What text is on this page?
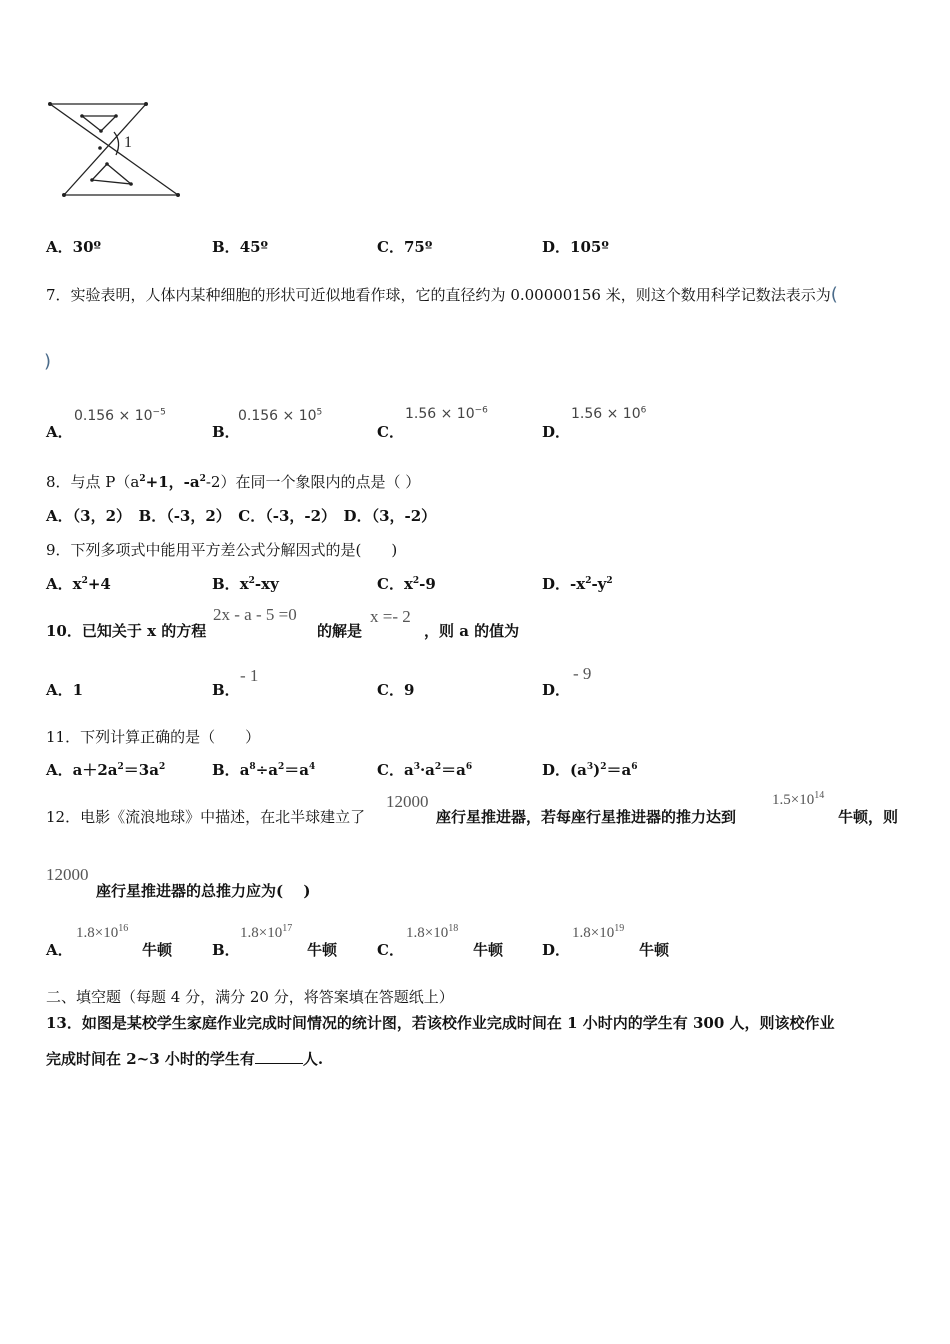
1
A．30º	B．45º	C．75º	D．105º
7．实验表明，人体内某种细胞的形状可近似地看作球，它的直径约为 0.00000156 米，则这个数用科学记数法表示为(
)
A．
$0.156 \times 10^{-5}$
B．
$0.156 \times 10^5$
C．
$1.56 \times 10^{-6}$
D．
$1.56 \times 10^6$
8．与点 $P(a^2+1$，$-a^2-2$）在同一个象限内的点是（ ）
A．（3，2）　B．（-3，2）　C．（-3，-2）　D．（3，-2）
9．下列多项式中能用平方差公式分解因式的是(　　)
A．$x^2+4$	B．$x^2-xy$	C．$x^2-9$	D．$-x^2-y^2$
10．已知关于 x 的方程
2x - a - 5 =0
的解是
x =- 2
，则 a 的值为
A．1	B．
- 1
C．9	D．
- 9
11．下列计算正确的是（　　）
A．$a+2a^2=3a^2$	B．$a^8\div a^2=a^4$	C．$a^3\cdot a^2=a^6$	D．$(a^3)^2=a^6$
12．电影《流浪地球》中描述，在北半球建立了
12000
座行星推进器，若每座行星推进器的推力达到
$1.5\times 10^{14}$
牛顿，则
12000
座行星推进器的总推力应为(　 )
A．
$1.8\times 10^{16}$
牛顿	B．
$1.8\times 10^{17}$
牛顿	C．
$1.8\times 10^{18}$
牛顿	D．
$1.8\times 10^{19}$
牛顿
二、填空题（每题 4 分，满分 20 分，将答案填在答题纸上）
13．如图是某校学生家庭作业完成时间情况的统计图，若该校作业完成时间在 1 小时内的学生有 300 人，则该校作业
完成时间在 2~3 小时的学生有	人.
